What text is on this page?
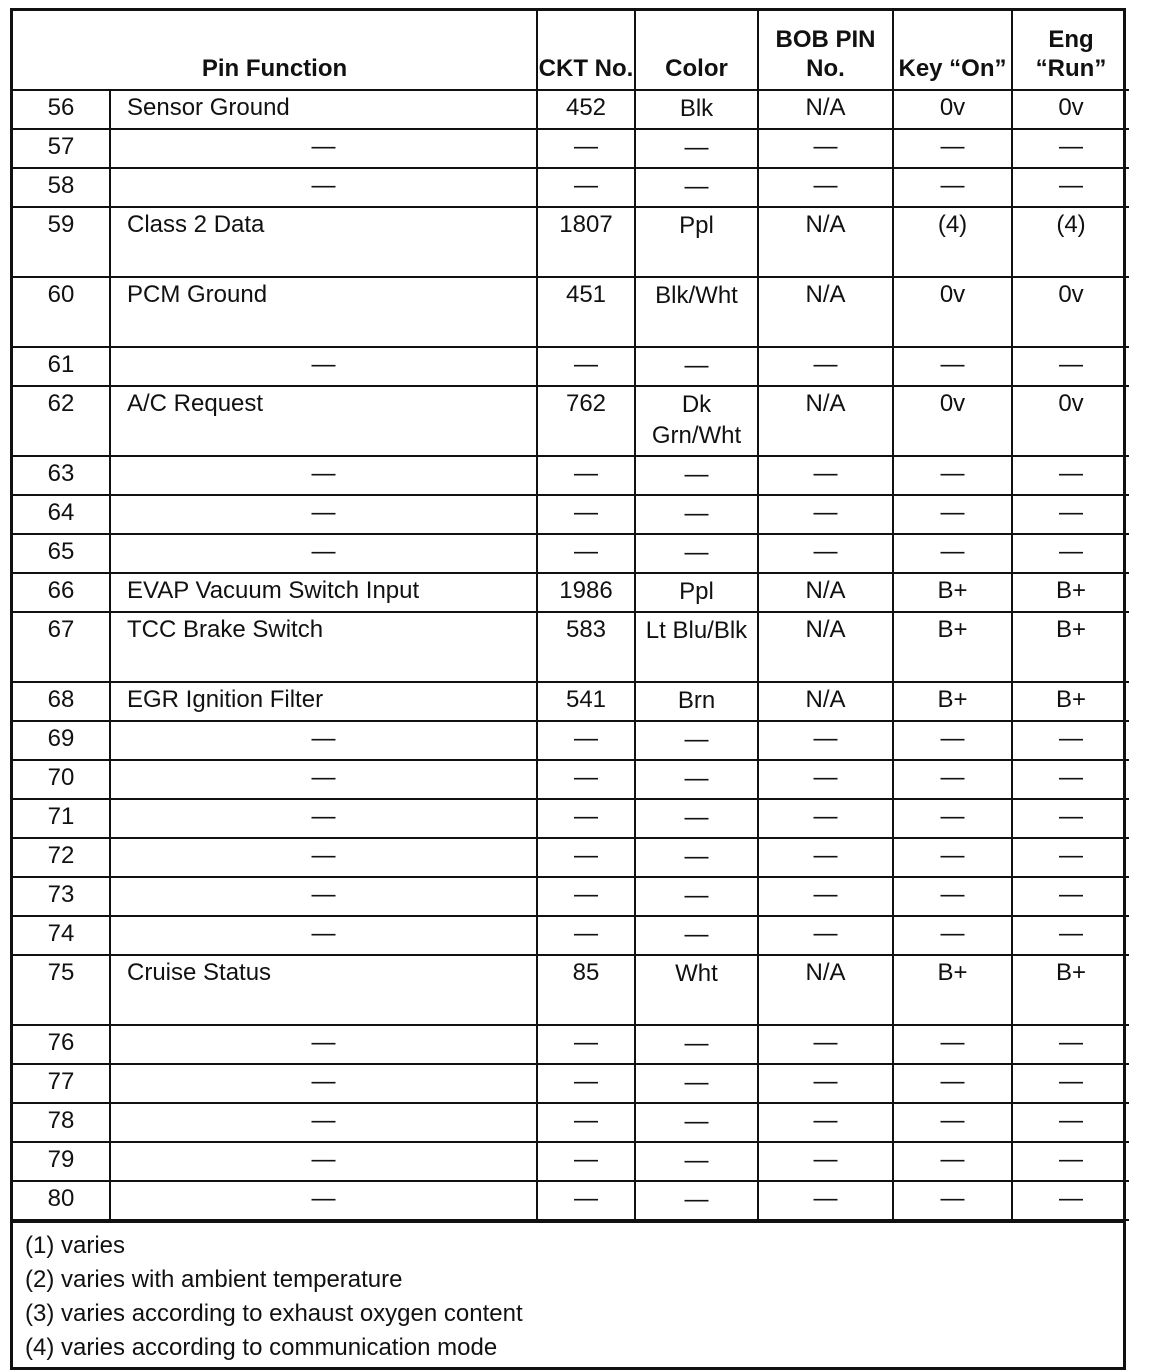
Pin Function		CKT No.	Color	BOB PIN No.	Key “On”	Eng “Run”
56	Sensor Ground	452	Blk	N/A	0v	0v
57	—	—	—	—	—	—
58	—	—	—	—	—	—
59	Class 2 Data	1807	Ppl	N/A	(4)	(4)
60	PCM Ground	451	Blk/Wht	N/A	0v	0v
61	—	—	—	—	—	—
62	A/C Request	762	Dk Grn/Wht	N/A	0v	0v
63	—	—	—	—	—	—
64	—	—	—	—	—	—
65	—	—	—	—	—	—
66	EVAP Vacuum Switch Input	1986	Ppl	N/A	B+	B+
67	TCC Brake Switch	583	Lt Blu/Blk	N/A	B+	B+
68	EGR Ignition Filter	541	Brn	N/A	B+	B+
69	—	—	—	—	—	—
70	—	—	—	—	—	—
71	—	—	—	—	—	—
72	—	—	—	—	—	—
73	—	—	—	—	—	—
74	—	—	—	—	—	—
75	Cruise Status	85	Wht	N/A	B+	B+
76	—	—	—	—	—	—
77	—	—	—	—	—	—
78	—	—	—	—	—	—
79	—	—	—	—	—	—
80	—	—	—	—	—	—
(1) varies
(2) varies with ambient temperature
(3) varies according to exhaust oxygen content
(4) varies according to communication mode
